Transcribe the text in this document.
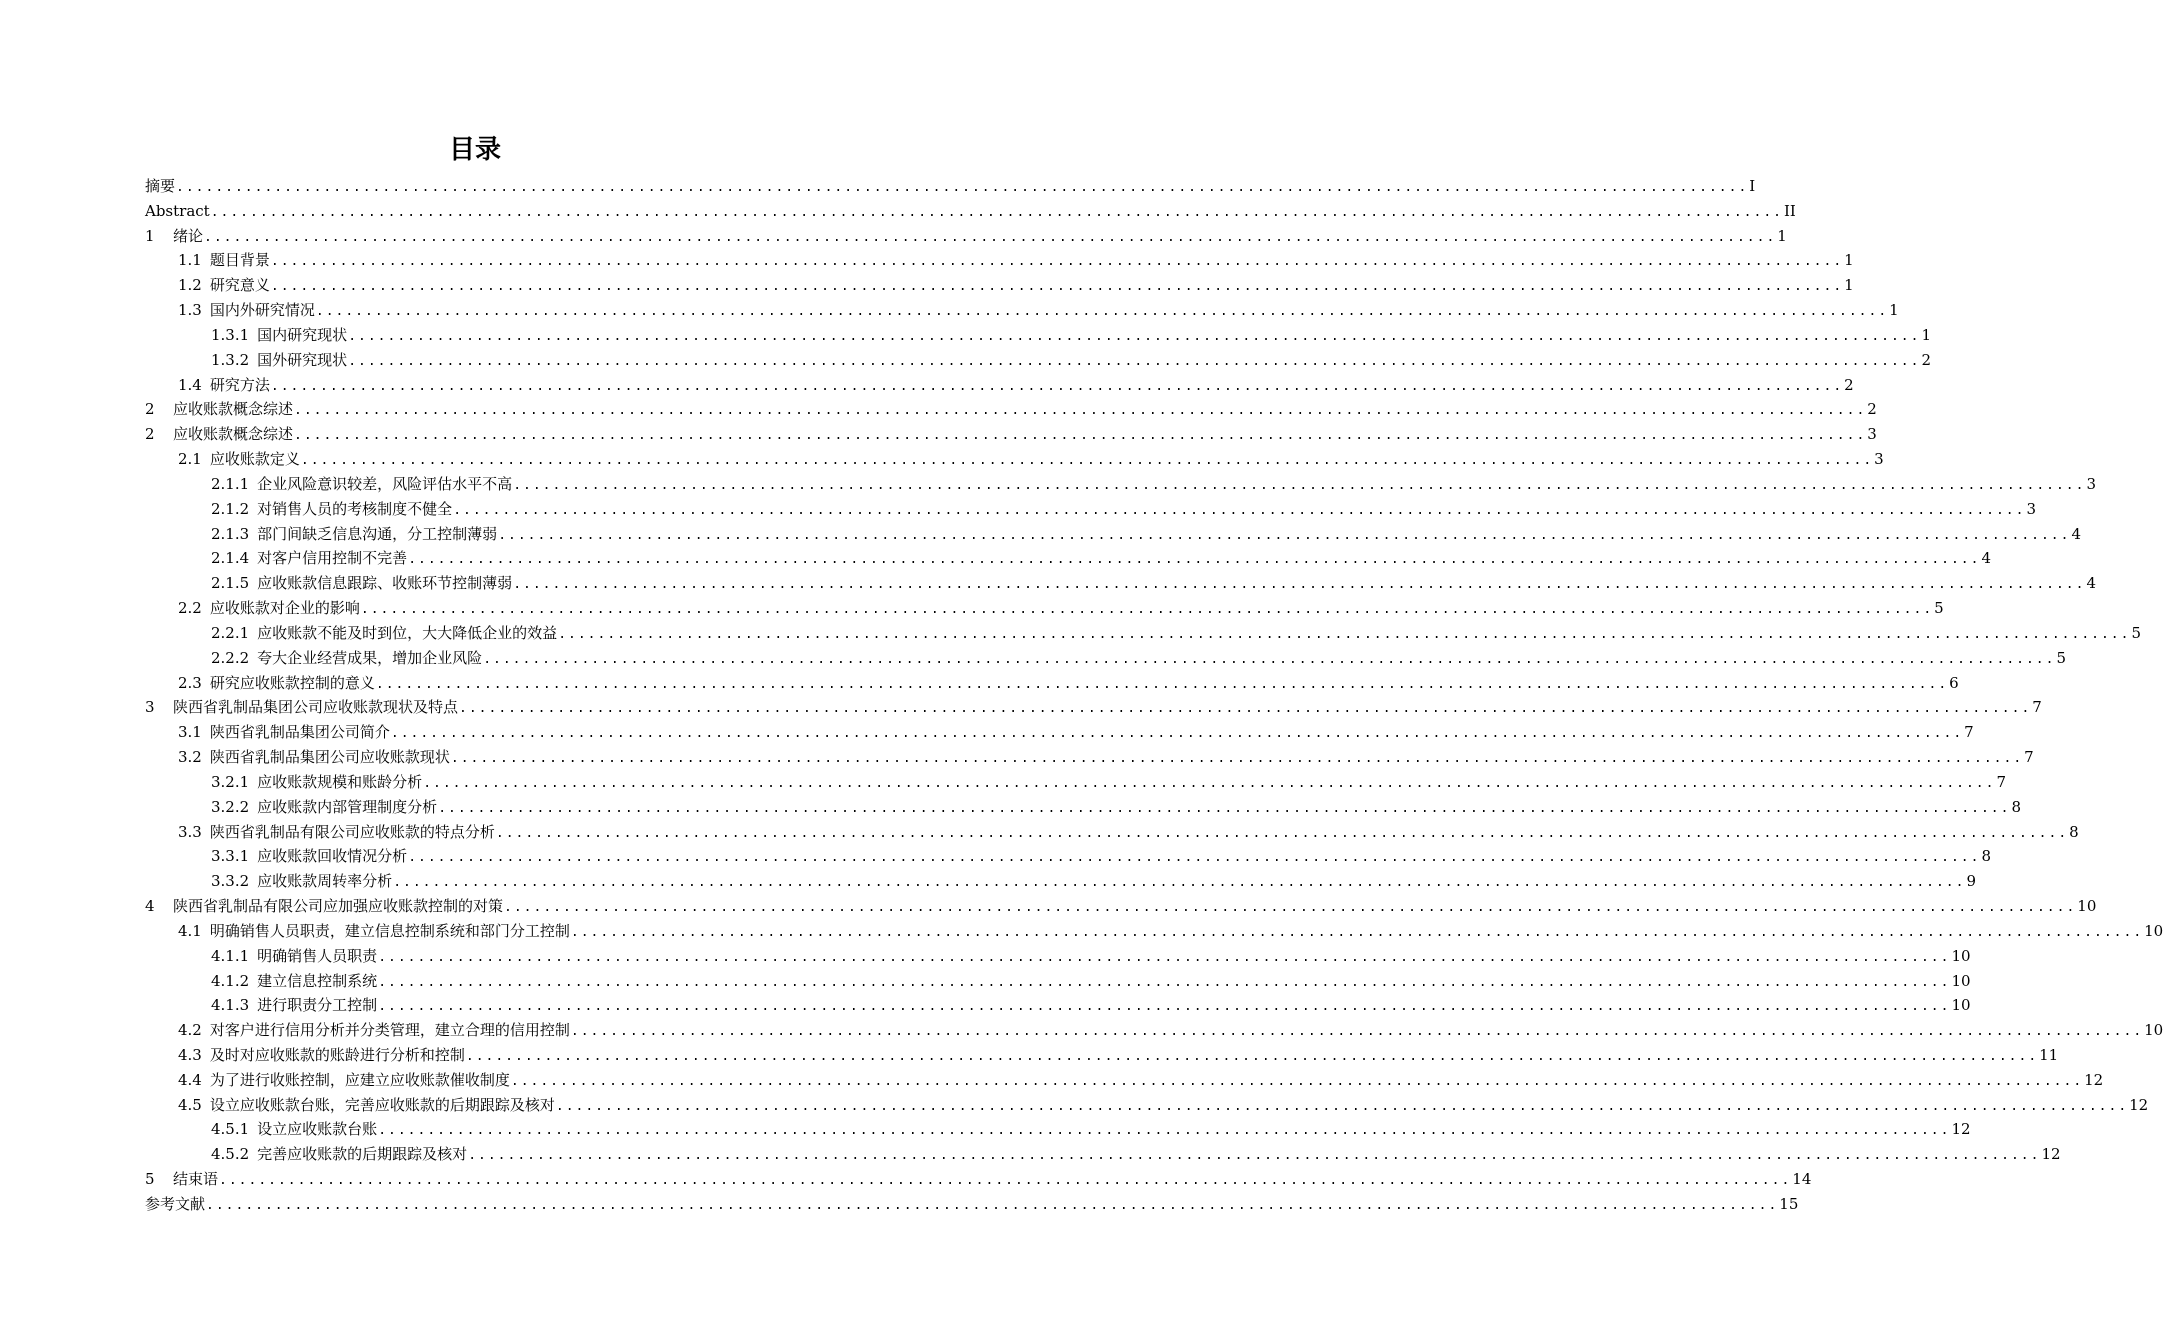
目录
摘要 ................................................................................................................................................................ I
Abstract ................................................................................................................................................................ II
1	绪论 ................................................................................................................................................................ 1
1.1 题目背景 ................................................................................................................................................................ 1
1.2 研究意义 ................................................................................................................................................................ 1
1.3 国内外研究情况 ................................................................................................................................................................ 1
1.3.1 国内研究现状 ................................................................................................................................................................ 1
1.3.2 国外研究现状 ................................................................................................................................................................ 2
1.4 研究方法 ................................................................................................................................................................ 2
2	应收账款概念综述 ................................................................................................................................................................ 2
2	应收账款概念综述 ................................................................................................................................................................ 3
2.1 应收账款定义 ................................................................................................................................................................ 3
2.1.1 企业风险意识较差，风险评估水平不高 ................................................................................................................................................................ 3
2.1.2 对销售人员的考核制度不健全 ................................................................................................................................................................ 3
2.1.3 部门间缺乏信息沟通，分工控制薄弱 ................................................................................................................................................................ 4
2.1.4 对客户信用控制不完善 ................................................................................................................................................................ 4
2.1.5 应收账款信息跟踪、收账环节控制薄弱 ................................................................................................................................................................ 4
2.2 应收账款对企业的影响 ................................................................................................................................................................ 5
2.2.1 应收账款不能及时到位，大大降低企业的效益 ................................................................................................................................................................ 5
2.2.2 夸大企业经营成果，增加企业风险 ................................................................................................................................................................ 5
2.3 研究应收账款控制的意义 ................................................................................................................................................................ 6
3	陕西省乳制品集团公司应收账款现状及特点 ................................................................................................................................................................ 7
3.1 陕西省乳制品集团公司简介 ................................................................................................................................................................ 7
3.2 陕西省乳制品集团公司应收账款现状 ................................................................................................................................................................ 7
3.2.1 应收账款规模和账龄分析 ................................................................................................................................................................ 7
3.2.2 应收账款内部管理制度分析 ................................................................................................................................................................ 8
3.3 陕西省乳制品有限公司应收账款的特点分析 ................................................................................................................................................................ 8
3.3.1 应收账款回收情况分析 ................................................................................................................................................................ 8
3.3.2 应收账款周转率分析 ................................................................................................................................................................ 9
4	陕西省乳制品有限公司应加强应收账款控制的对策 ................................................................................................................................................................ 10
4.1 明确销售人员职责，建立信息控制系统和部门分工控制 ................................................................................................................................................................ 10
4.1.1 明确销售人员职责 ................................................................................................................................................................ 10
4.1.2 建立信息控制系统 ................................................................................................................................................................ 10
4.1.3 进行职责分工控制 ................................................................................................................................................................ 10
4.2 对客户进行信用分析并分类管理，建立合理的信用控制 ................................................................................................................................................................ 10
4.3 及时对应收账款的账龄进行分析和控制 ................................................................................................................................................................ 11
4.4 为了进行收账控制，应建立应收账款催收制度 ................................................................................................................................................................ 12
4.5 设立应收账款台账，完善应收账款的后期跟踪及核对 ................................................................................................................................................................ 12
4.5.1 设立应收账款台账 ................................................................................................................................................................ 12
4.5.2 完善应收账款的后期跟踪及核对 ................................................................................................................................................................ 12
5	结束语 ................................................................................................................................................................ 14
参考文献 ................................................................................................................................................................ 15
